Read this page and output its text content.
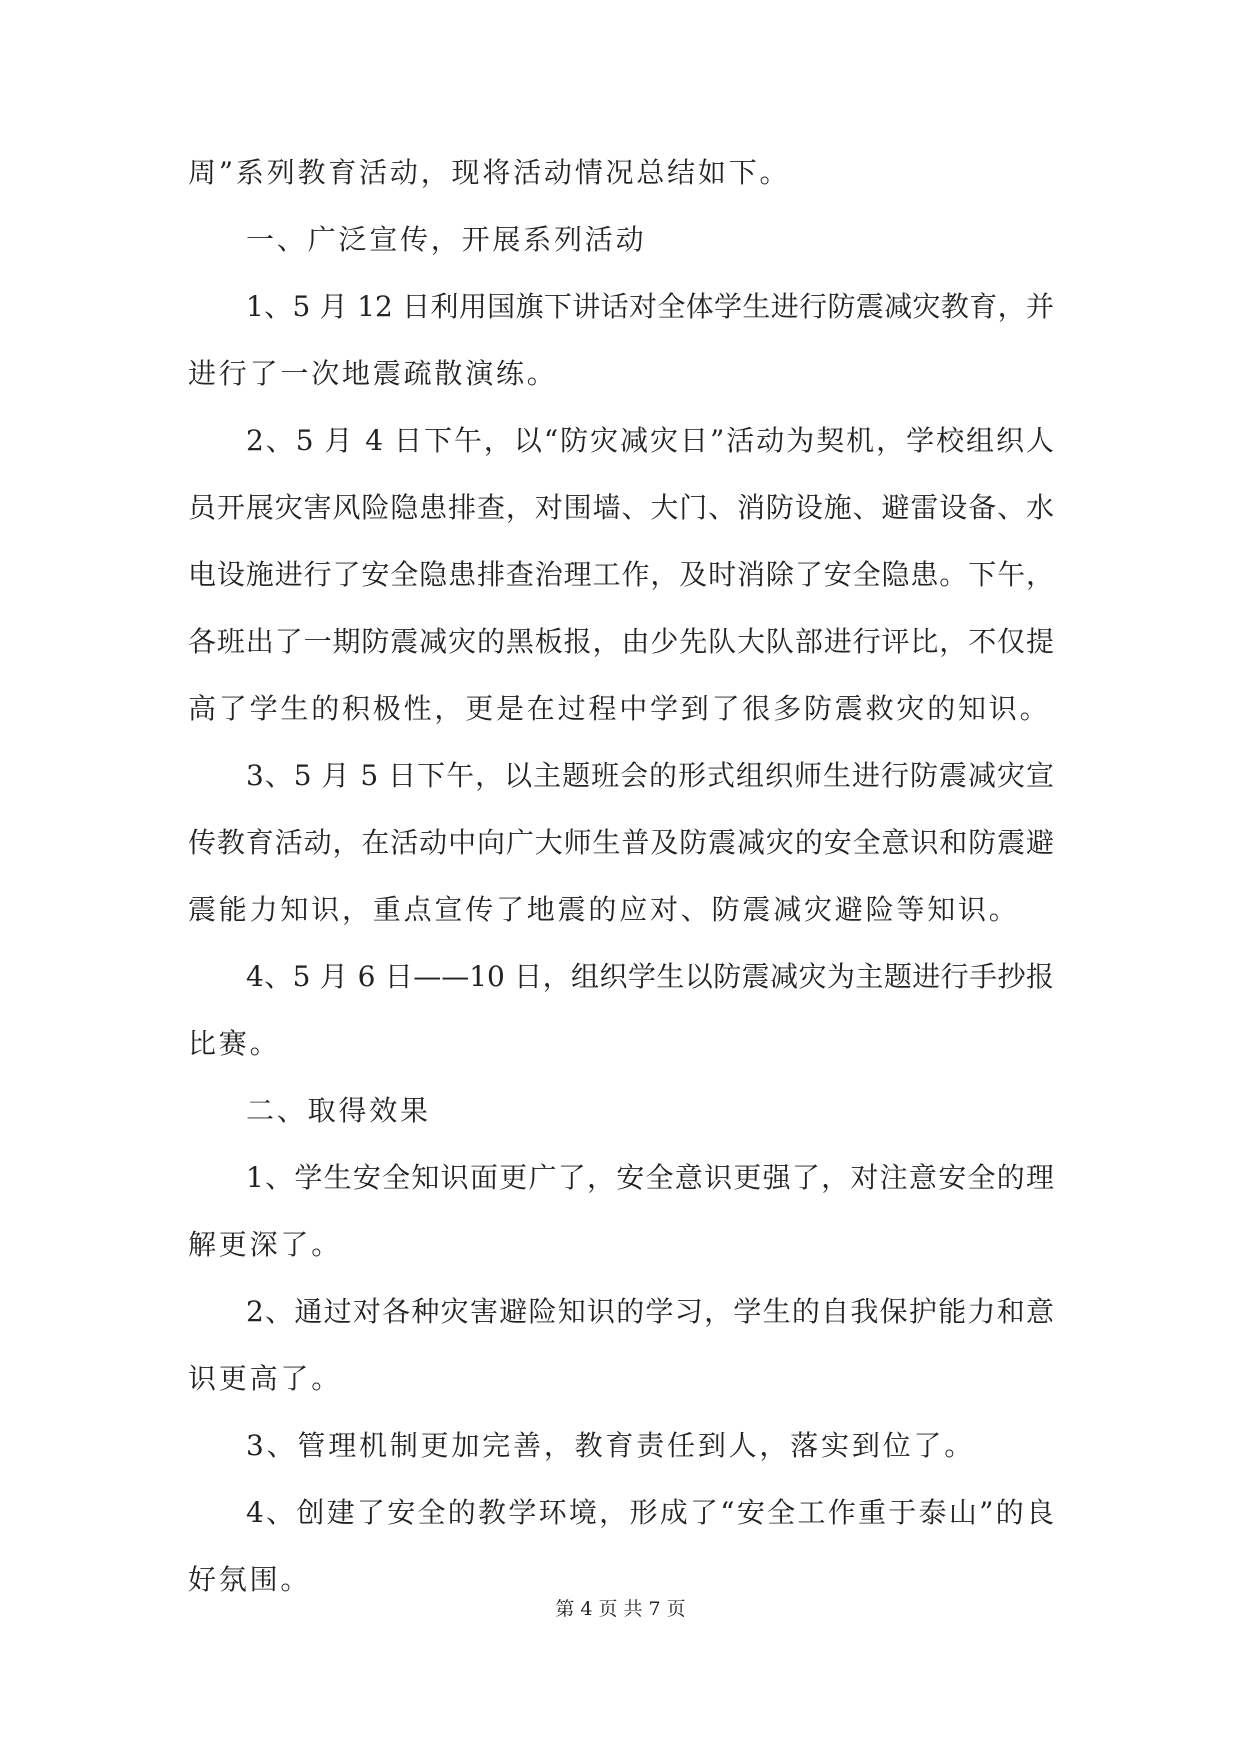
周”系列教育活动，现将活动情况总结如下。
一、广泛宣传，开展系列活动
1、5 月 12 日利用国旗下讲话对全体学生进行防震减灾教育，并
进行了一次地震疏散演练。
2、5 月 4 日下午，以“防灾减灾日”活动为契机，学校组织人
员开展灾害风险隐患排查，对围墙、大门、消防设施、避雷设备、水
电设施进行了安全隐患排查治理工作，及时消除了安全隐患。下午，
各班出了一期防震减灾的黑板报，由少先队大队部进行评比，不仅提
高了学生的积极性，更是在过程中学到了很多防震救灾的知识。
3、5 月 5 日下午，以主题班会的形式组织师生进行防震减灾宣
传教育活动，在活动中向广大师生普及防震减灾的安全意识和防震避
震能力知识，重点宣传了地震的应对、防震减灾避险等知识。
4、5 月 6 日——10 日，组织学生以防震减灾为主题进行手抄报
比赛。
二、取得效果
1、学生安全知识面更广了，安全意识更强了，对注意安全的理
解更深了。
2、通过对各种灾害避险知识的学习，学生的自我保护能力和意
识更高了。
3、管理机制更加完善，教育责任到人，落实到位了。
4、创建了安全的教学环境，形成了“安全工作重于泰山”的良
好氛围。
第 4 页 共 7 页
